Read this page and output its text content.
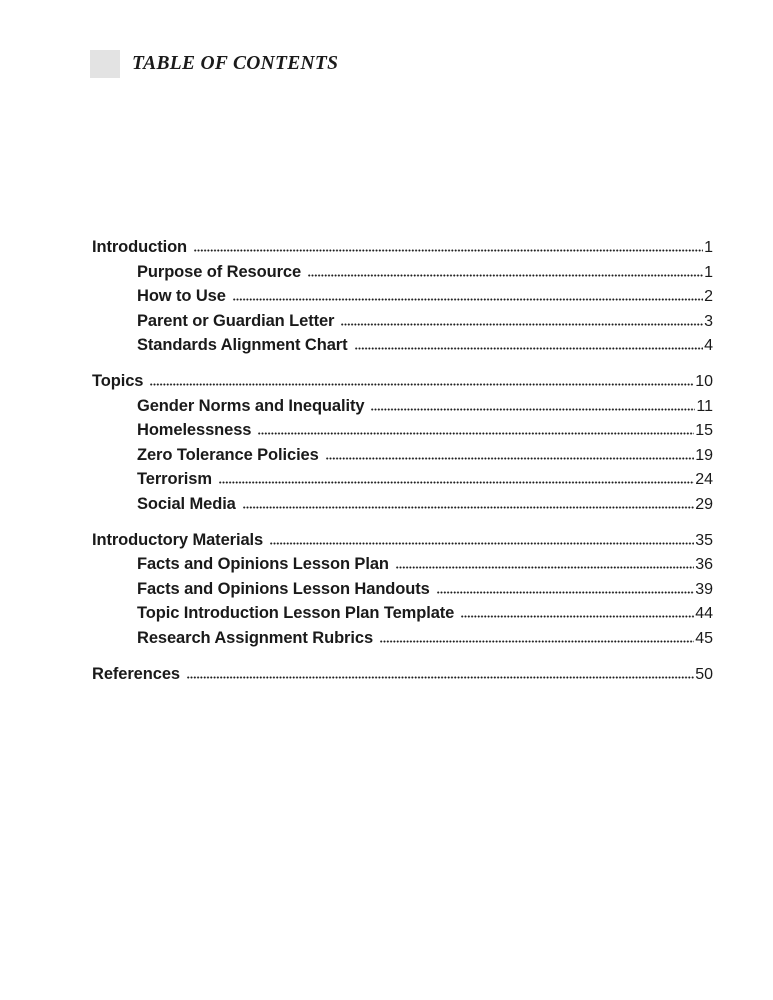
TABLE OF CONTENTS
Introduction	1
Purpose of Resource	1
How to Use	2
Parent or Guardian Letter	3
Standards Alignment Chart	4
Topics	10
Gender Norms and Inequality	11
Homelessness	15
Zero Tolerance Policies	19
Terrorism	24
Social Media	29
Introductory Materials	35
Facts and Opinions Lesson Plan	36
Facts and Opinions Lesson Handouts	39
Topic Introduction Lesson Plan Template	44
Research Assignment Rubrics	45
References	50
